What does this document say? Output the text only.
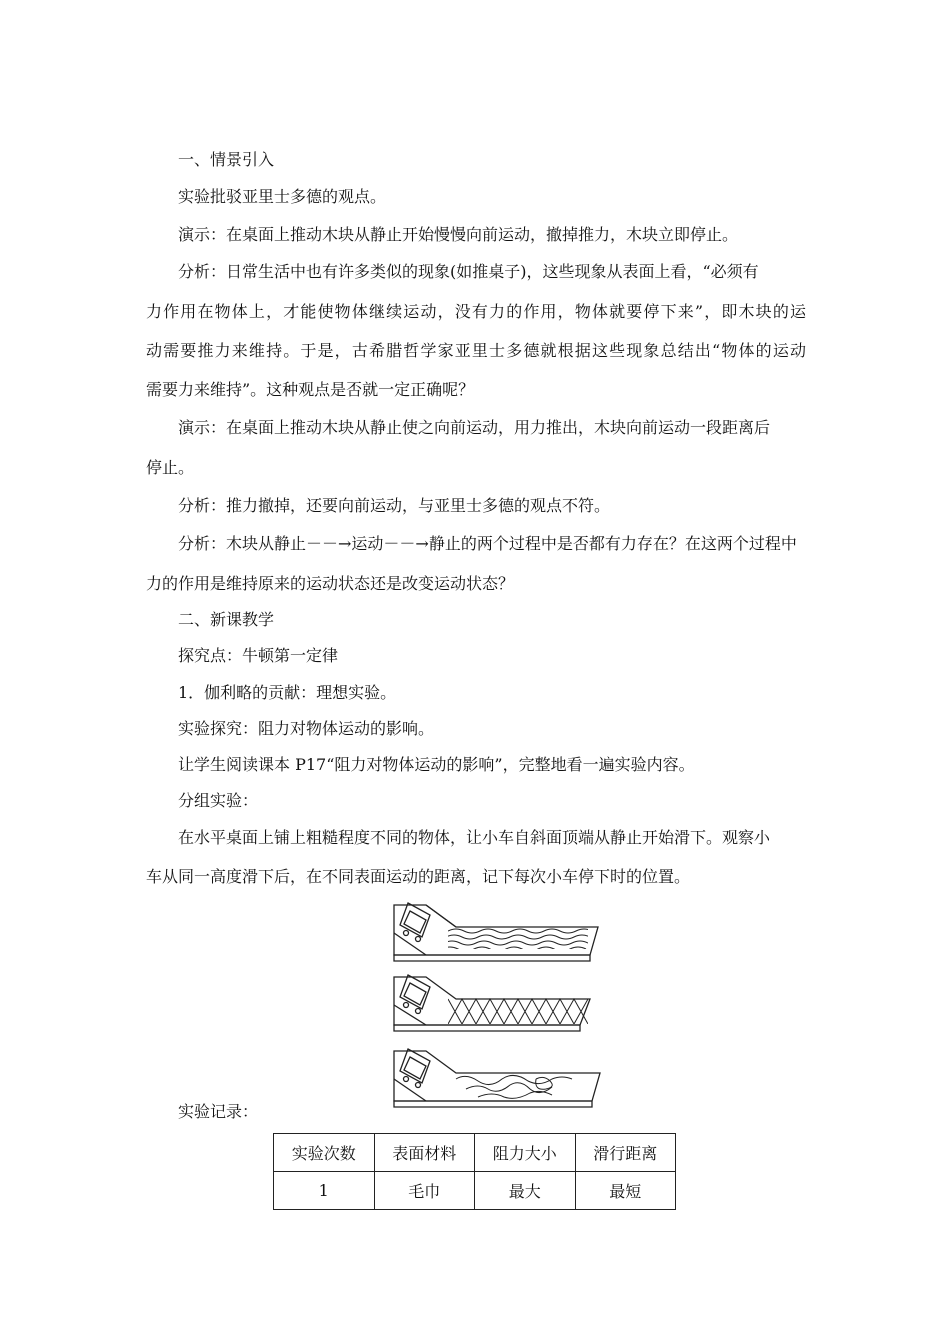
一、情景引入
实验批驳亚里士多德的观点。
演示：在桌面上推动木块从静止开始慢慢向前运动，撤掉推力，木块立即停止。
分析：日常生活中也有许多类似的现象(如推桌子)，这些现象从表面上看，“必须有
力作用在物体上，才能使物体继续运动，没有力的作用，物体就要停下来”，即木块的运
动需要推力来维持。于是，古希腊哲学家亚里士多德就根据这些现象总结出“物体的运动
需要力来维持”。这种观点是否就一定正确呢？
演示：在桌面上推动木块从静止使之向前运动，用力推出，木块向前运动一段距离后
停止。
分析：推力撤掉，还要向前运动，与亚里士多德的观点不符。
分析：木块从静止－－→运动－－→静止的两个过程中是否都有力存在？在这两个过程中
力的作用是维持原来的运动状态还是改变运动状态？
二、新课教学
探究点：牛顿第一定律
1．伽利略的贡献：理想实验。
实验探究：阻力对物体运动的影响。
让学生阅读课本 P17“阻力对物体运动的影响”，完整地看一遍实验内容。
分组实验：
在水平桌面上铺上粗糙程度不同的物体，让小车自斜面顶端从静止开始滑下。观察小
车从同一高度滑下后，在不同表面运动的距离，记下每次小车停下时的位置。
实验记录：
实验次数	表面材料	阻力大小	滑行距离
1	毛巾	最大	最短
